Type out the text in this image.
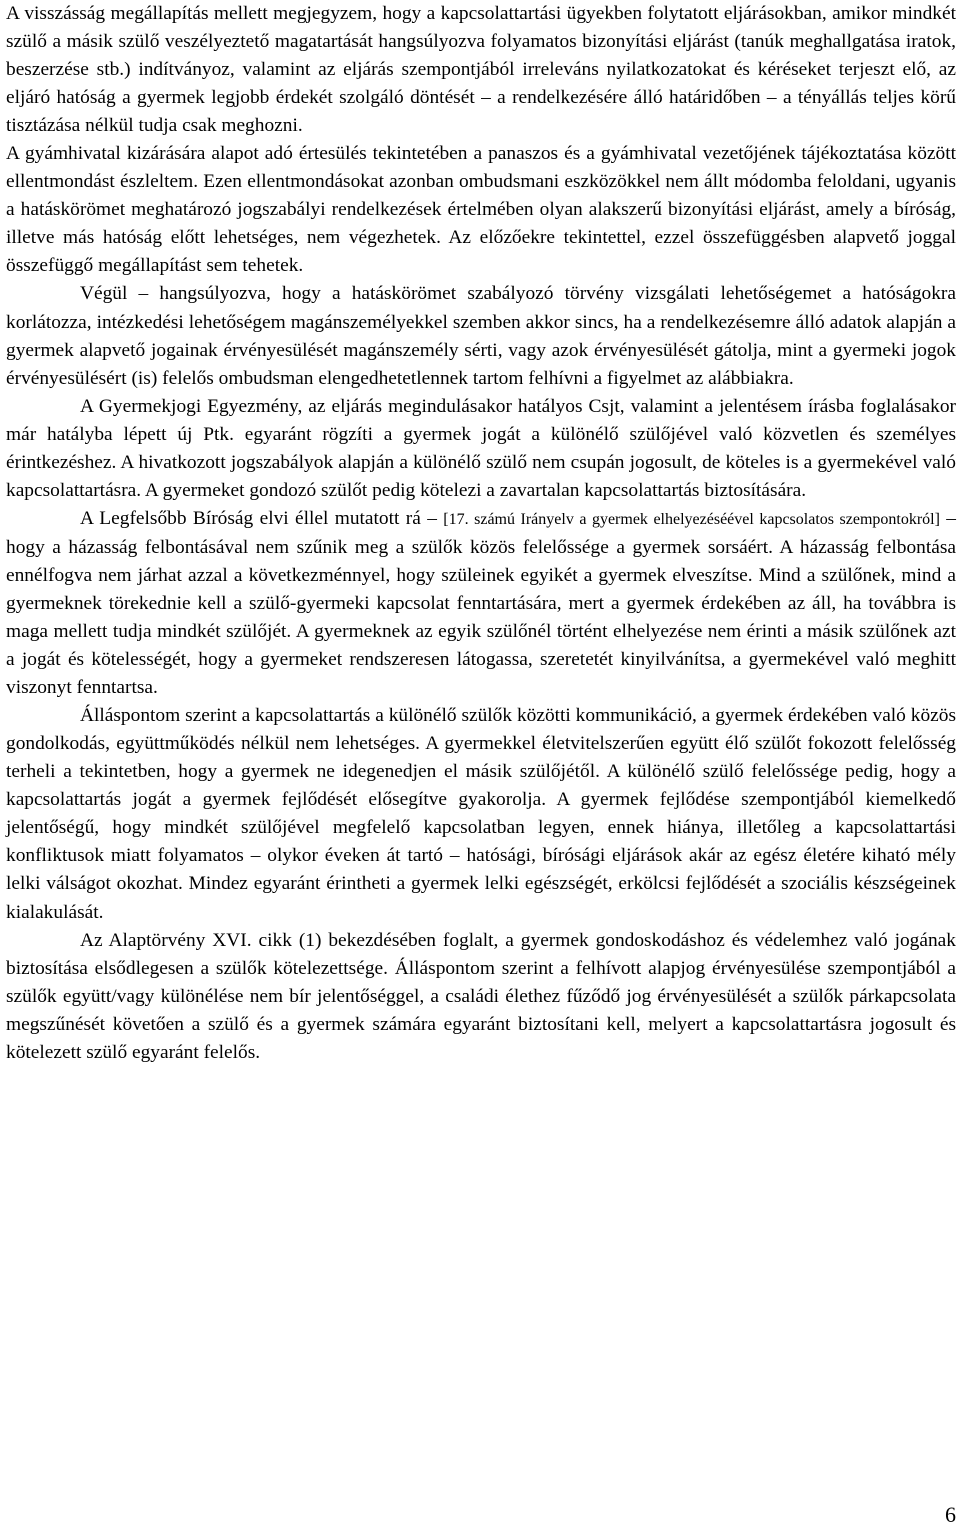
A visszásság megállapítás mellett megjegyzem, hogy a kapcsolattartási ügyekben folytatott eljárásokban, amikor mindkét szülő a másik szülő veszélyeztető magatartását hangsúlyozva folyamatos bizonyítási eljárást (tanúk meghallgatása iratok, beszerzése stb.) indítványoz, valamint az eljárás szempontjából irreleváns nyilatkozatokat és kéréseket terjeszt elő, az eljáró hatóság a gyermek legjobb érdekét szolgáló döntését – a rendelkezésére álló határidőben – a tényállás teljes körű tisztázása nélkül tudja csak meghozni.

A gyámhivatal kizárására alapot adó értesülés tekintetében a panaszos és a gyámhivatal vezetőjének tájékoztatása között ellentmondást észleltem. Ezen ellentmondásokat azonban ombudsmani eszközökkel nem állt módomba feloldani, ugyanis a hatáskörömet meghatározó jogszabályi rendelkezések értelmében olyan alakszerű bizonyítási eljárást, amely a bíróság, illetve más hatóság előtt lehetséges, nem végezhetek. Az előzőekre tekintettel, ezzel összefüggésben alapvető joggal összefüggő megállapítást sem tehetek.

Végül – hangsúlyozva, hogy a hatáskörömet szabályozó törvény vizsgálati lehetőségemet a hatóságokra korlátozza, intézkedési lehetőségem magánszemélyekkel szemben akkor sincs, ha a rendelkezésemre álló adatok alapján a gyermek alapvető jogainak érvényesülését magánszemély sérti, vagy azok érvényesülését gátolja, mint a gyermeki jogok érvényesülésért (is) felelős ombudsman elengedhetetlennek tartom felhívni a figyelmet az alábbiakra.

A Gyermekjogi Egyezmény, az eljárás megindulásakor hatályos Csjt, valamint a jelentésem írásba foglalásakor már hatályba lépett új Ptk. egyaránt rögzíti a gyermek jogát a különélő szülőjével való közvetlen és személyes érintkezéshez. A hivatkozott jogszabályok alapján a különélő szülő nem csupán jogosult, de köteles is a gyermekével való kapcsolattartásra. A gyermeket gondozó szülőt pedig kötelezi a zavartalan kapcsolattartás biztosítására.

A Legfelsőbb Bíróság elvi éllel mutatott rá – [17. számú Irányelv a gyermek elhelyezéséével kapcsolatos szempontokról] – hogy a házasság felbontásával nem szűnik meg a szülők közös felelőssége a gyermek sorsáért. A házasság felbontása ennélfogva nem járhat azzal a következménnyel, hogy szüleinek egyikét a gyermek elveszítse. Mind a szülőnek, mind a gyermeknek törekednie kell a szülő-gyermeki kapcsolat fenntartására, mert a gyermek érdekében az áll, ha továbbra is maga mellett tudja mindkét szülőjét. A gyermeknek az egyik szülőnél történt elhelyezése nem érinti a másik szülőnek azt a jogát és kötelességét, hogy a gyermeket rendszeresen látogassa, szeretetét kinyilvánítsa, a gyermekével való meghitt viszonyt fenntartsa.

Álláspontom szerint a kapcsolattartás a különélő szülők közötti kommunikáció, a gyermek érdekében való közös gondolkodás, együttműködés nélkül nem lehetséges. A gyermekkel életvitelszerűen együtt élő szülőt fokozott felelősség terheli a tekintetben, hogy a gyermek ne idegenedjen el másik szülőjétől. A különélő szülő felelőssége pedig, hogy a kapcsolattartás jogát a gyermek fejlődését elősegítve gyakorolja. A gyermek fejlődése szempontjából kiemelkedő jelentőségű, hogy mindkét szülőjével megfelelő kapcsolatban legyen, ennek hiánya, illetőleg a kapcsolattartási konfliktusok miatt folyamatos – olykor éveken át tartó – hatósági, bírósági eljárások akár az egész életére kiható mély lelki válságot okozhat. Mindez egyaránt érintheti a gyermek lelki egészségét, erkölcsi fejlődését a szociális készségeinek kialakulását.

Az Alaptörvény XVI. cikk (1) bekezdésében foglalt, a gyermek gondoskodáshoz és védelemhez való jogának biztosítása elsődlegesen a szülők kötelezettsége. Álláspontom szerint a felhívott alapjog érvényesülése szempontjából a szülők együtt/vagy különélése nem bír jelentőséggel, a családi élethez fűződő jog érvényesülését a szülők párkapcsolata megszűnését követően a szülő és a gyermek számára egyaránt biztosítani kell, melyert a kapcsolattartásra jogosult és kötelezett szülő egyaránt felelős.

6
